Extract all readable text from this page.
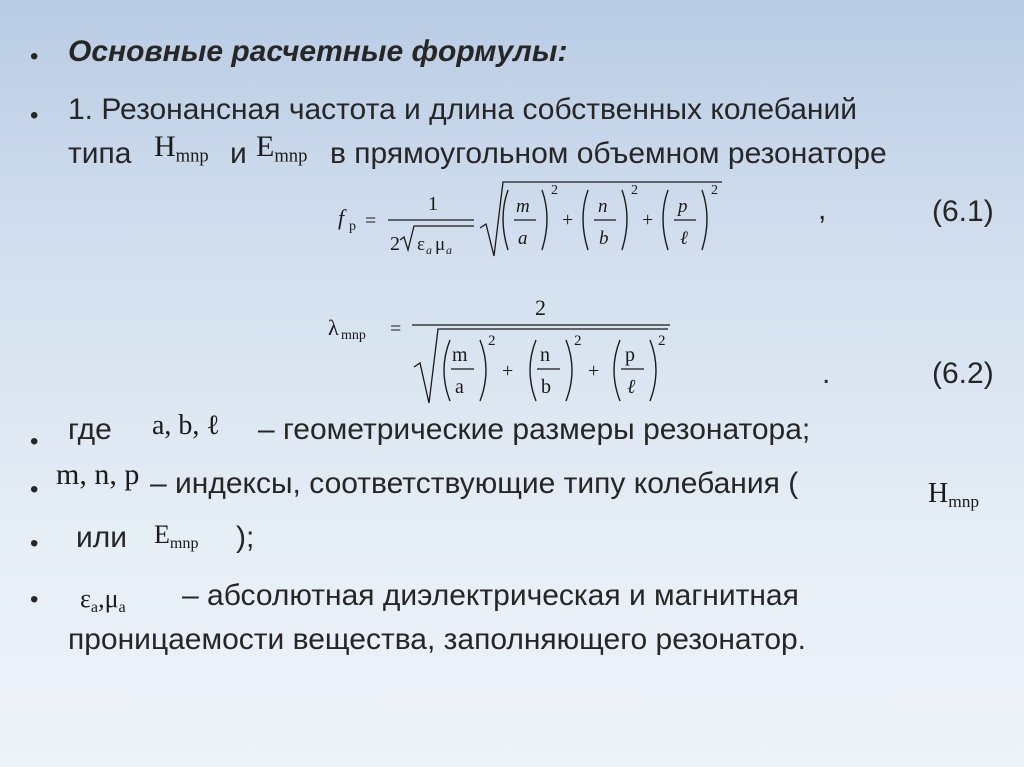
• Основные расчетные формулы:
• 1. Резонансная частота и длина собственных колебаний
типа $H_{mnp}$ и $E_{mnp}$ в прямоугольном объемном резонаторе
f p =
1
2 ε a μ a
m
a
2
+
n
b
2
+
p
ℓ
2
,	(6.1)
λ mnp =
2
m
a
2
+
n
b
2
+
p
ℓ
2
.	(6.2)
• где a, b, ℓ – геометрические размеры резонатора;
• m, n, p – индексы, соответствующие типу колебания (	$H_{mnp}$
• или $E_{mnp}$ );
• $\varepsilon_a,\mu_a$ – абсолютная диэлектрическая и магнитная
проницаемости вещества, заполняющего резонатор.
